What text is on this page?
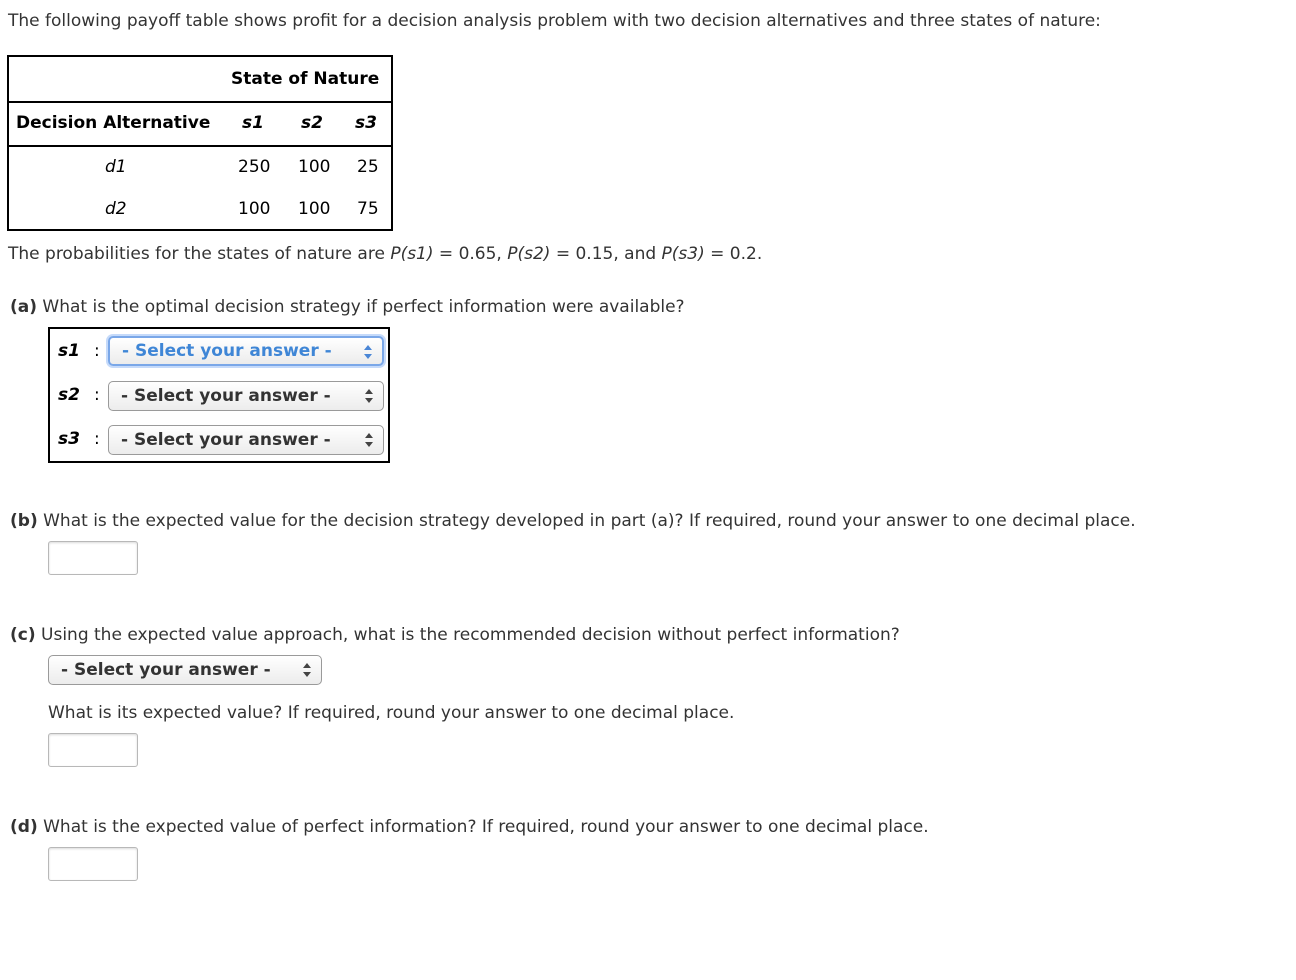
The following payoff table shows profit for a decision analysis problem with two decision alternatives and three states of nature:
State of Nature
Decision Alternative s1 s2 s3
d1	250 100 25
d2	100 100 75
The probabilities for the states of nature are P(s1) = 0.65, P(s2) = 0.15, and P(s3) = 0.2.
(a) What is the optimal decision strategy if perfect information were available?
s1 :	- Select your answer -
s2 :	- Select your answer -
s3 :	- Select your answer -
(b) What is the expected value for the decision strategy developed in part (a)? If required, round your answer to one decimal place.
(c) Using the expected value approach, what is the recommended decision without perfect information?
- Select your answer -
What is its expected value? If required, round your answer to one decimal place.
(d) What is the expected value of perfect information? If required, round your answer to one decimal place.
